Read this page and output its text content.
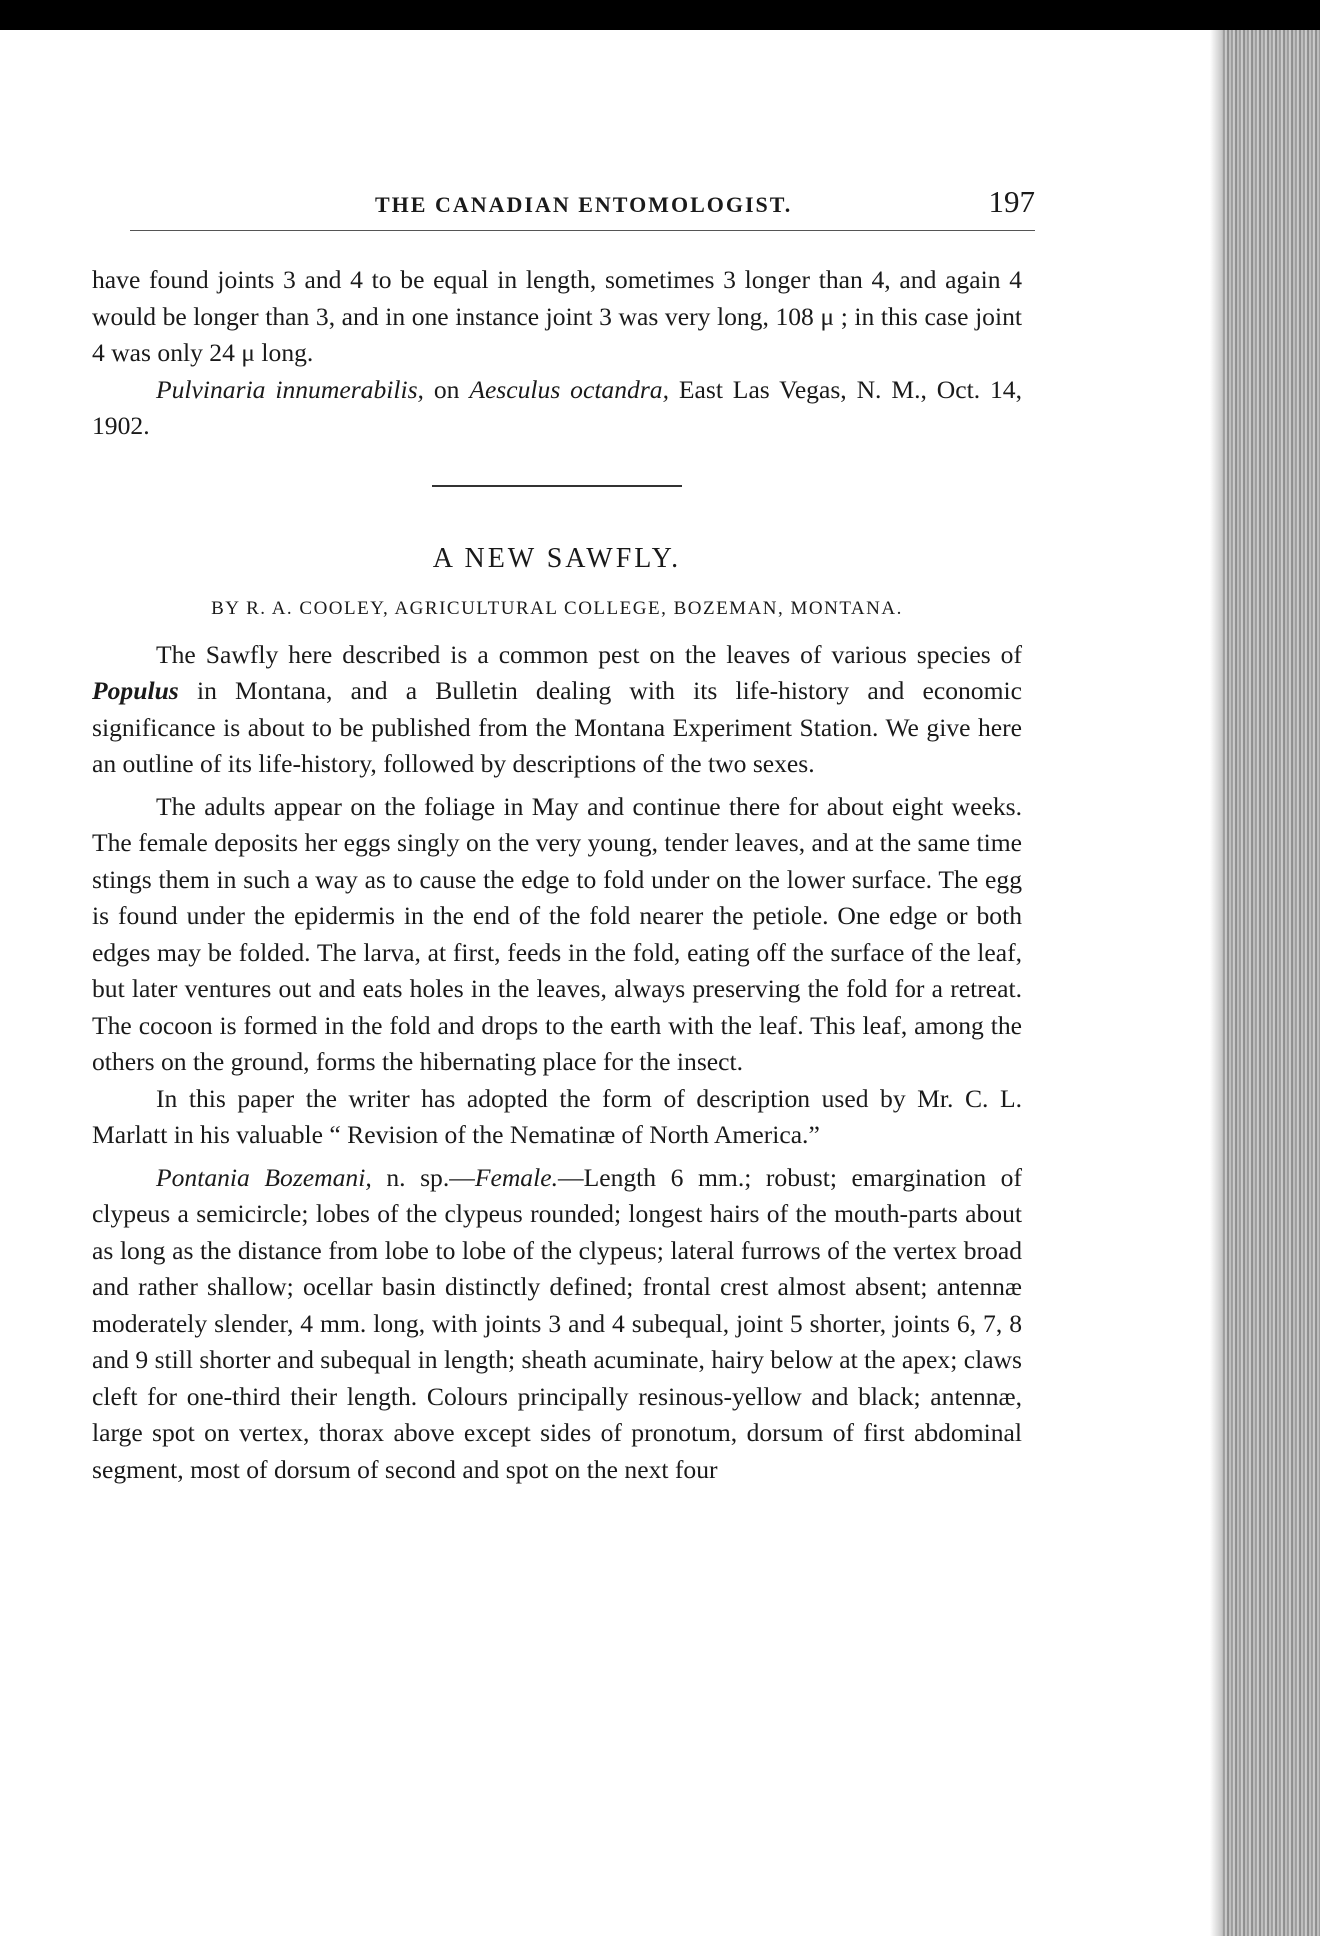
THE CANADIAN ENTOMOLOGIST.	197

have found joints 3 and 4 to be equal in length, sometimes 3 longer than 4, and again 4 would be longer than 3, and in one instance joint 3 was very long, 108 μ ; in this case joint 4 was only 24 μ long.

Pulvinaria innumerabilis, on Aesculus octandra, East Las Vegas, N. M., Oct. 14, 1902.

A NEW SAWFLY.

BY R. A. COOLEY, AGRICULTURAL COLLEGE, BOZEMAN, MONTANA.

The Sawfly here described is a common pest on the leaves of various species of Populus in Montana, and a Bulletin dealing with its life-history and economic significance is about to be published from the Montana Experiment Station. We give here an outline of its life-history, followed by descriptions of the two sexes.

The adults appear on the foliage in May and continue there for about eight weeks. The female deposits her eggs singly on the very young, tender leaves, and at the same time stings them in such a way as to cause the edge to fold under on the lower surface. The egg is found under the epidermis in the end of the fold nearer the petiole. One edge or both edges may be folded. The larva, at first, feeds in the fold, eating off the surface of the leaf, but later ventures out and eats holes in the leaves, always preserving the fold for a retreat. The cocoon is formed in the fold and drops to the earth with the leaf. This leaf, among the others on the ground, forms the hibernating place for the insect.

In this paper the writer has adopted the form of description used by Mr. C. L. Marlatt in his valuable “ Revision of the Nematinæ of North America.”

Pontania Bozemani, n. sp.—Female.—Length 6 mm.; robust; emargination of clypeus a semicircle; lobes of the clypeus rounded; longest hairs of the mouth-parts about as long as the distance from lobe to lobe of the clypeus; lateral furrows of the vertex broad and rather shallow; ocellar basin distinctly defined; frontal crest almost absent; antennæ moderately slender, 4 mm. long, with joints 3 and 4 subequal, joint 5 shorter, joints 6, 7, 8 and 9 still shorter and subequal in length; sheath acuminate, hairy below at the apex; claws cleft for one-third their length. Colours principally resinous-yellow and black; antennæ, large spot on vertex, thorax above except sides of pronotum, dorsum of first abdominal segment, most of dorsum of second and spot on the next four
